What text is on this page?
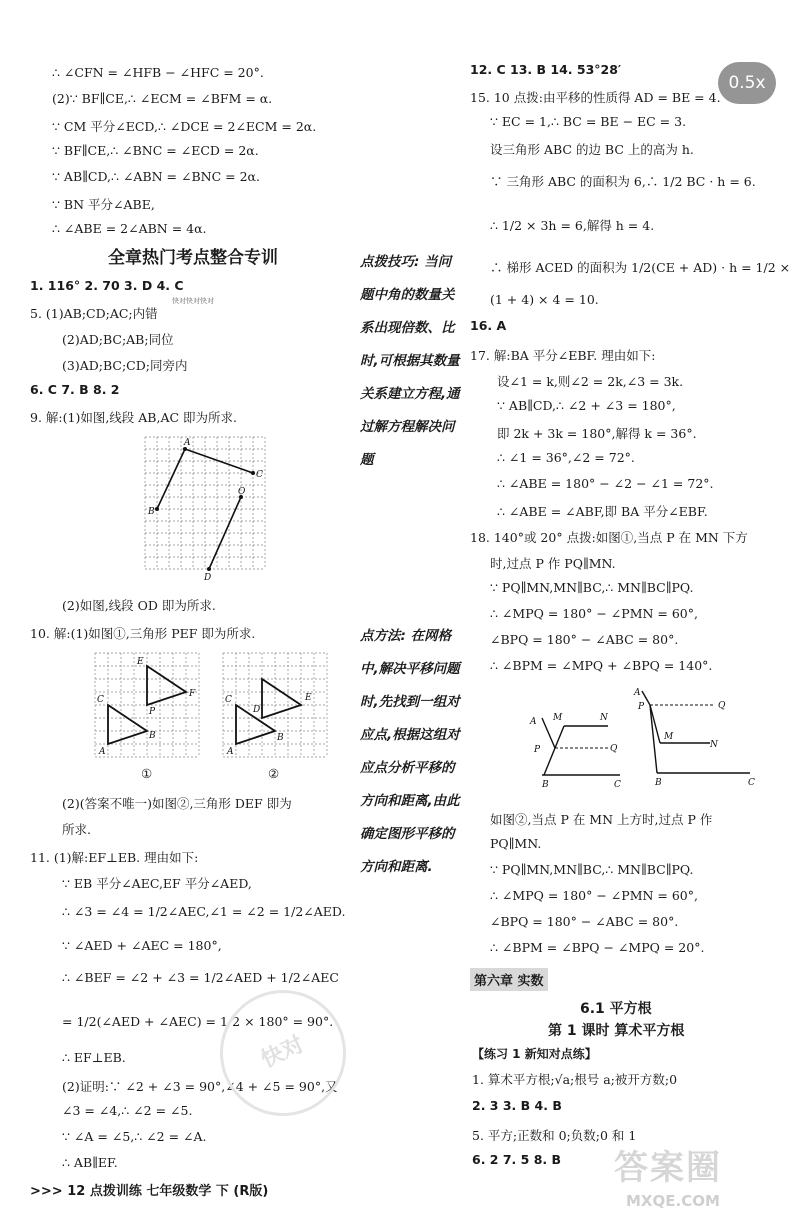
0.5x
∴ ∠CFN = ∠HFB − ∠HFC = 20°.
(2)∵ BF∥CE,∴ ∠ECM = ∠BFM = α.
∵ CM 平分∠ECD,∴ ∠DCE = 2∠ECM = 2α.
∵ BF∥CE,∴ ∠BNC = ∠ECD = 2α.
∵ AB∥CD,∴ ∠ABN = ∠BNC = 2α.
∵ BN 平分∠ABE,
∴ ∠ABE = 2∠ABN = 4α.
全章热门考点整合专训
1. 116° 2. 70 3. D 4. C
快对快对快对
5. (1)AB;CD;AC;内错
(2)AD;BC;AB;同位
(3)AD;BC;CD;同旁内
6. C 7. B 8. 2
9. 解:(1)如图,线段 AB,AC 即为所求.
A
C
O
B
D
(2)如图,线段 OD 即为所求.
10. 解:(1)如图①,三角形 PEF 即为所求.
E
C
F
P
B
A
C	E
D
A
B
①	②
(2)(答案不唯一)如图②,三角形 DEF 即为
所求.
11. (1)解:EF⊥EB. 理由如下:
∵ EB 平分∠AEC,EF 平分∠AED,
∴ ∠3 = ∠4 = 1/2∠AEC,∠1 = ∠2 = 1/2∠AED.
∵ ∠AED + ∠AEC = 180°,
∴ ∠BEF = ∠2 + ∠3 = 1/2∠AED + 1/2∠AEC
= 1/2(∠AED + ∠AEC) = 1/2 × 180° = 90°.
∴ EF⊥EB.
(2)证明:∵ ∠2 + ∠3 = 90°,∠4 + ∠5 = 90°,又
∠3 = ∠4,∴ ∠2 = ∠5.
∵ ∠A = ∠5,∴ ∠2 = ∠A.
∴ AB∥EF.
点拨技巧: 当问题中角的数量关系出现倍数、比时,可根据其数量关系建立方程,通过解方程解决问题
点方法: 在网格中,解决平移问题时,先找到一组对应点,根据这组对应点分析平移的方向和距离,由此确定图形平移的方向和距离.
12. C 13. B 14. 53°28′
15. 10 点拨:由平移的性质得 AD = BE = 4.
∵ EC = 1,∴ BC = BE − EC = 3.
设三角形 ABC 的边 BC 上的高为 h.
∵ 三角形 ABC 的面积为 6,∴ 1/2 BC · h = 6.
∴ 1/2 × 3h = 6,解得 h = 4.
∴ 梯形 ACED 的面积为 1/2(CE + AD) · h = 1/2 ×
(1 + 4) × 4 = 10.
16. A
17. 解:BA 平分∠EBF. 理由如下:
设∠1 = k,则∠2 = 2k,∠3 = 3k.
∵ AB∥CD,∴ ∠2 + ∠3 = 180°,
即 2k + 3k = 180°,解得 k = 36°.
∴ ∠1 = 36°,∠2 = 72°.
∴ ∠ABE = 180° − ∠2 − ∠1 = 72°.
∴ ∠ABE = ∠ABF,即 BA 平分∠EBF.
18. 140°或 20° 点拨:如图①,当点 P 在 MN 下方
时,过点 P 作 PQ∥MN.
∵ PQ∥MN,MN∥BC,∴ MN∥BC∥PQ.
∴ ∠MPQ = 180° − ∠PMN = 60°,
∠BPQ = 180° − ∠ABC = 80°.
∴ ∠BPM = ∠MPQ + ∠BPQ = 140°.
A M	N
P	Q
B	C
A
P	Q
M
N
B	C
如图②,当点 P 在 MN 上方时,过点 P 作
PQ∥MN.
∵ PQ∥MN,MN∥BC,∴ MN∥BC∥PQ.
∴ ∠MPQ = 180° − ∠PMN = 60°,
∠BPQ = 180° − ∠ABC = 80°.
∴ ∠BPM = ∠BPQ − ∠MPQ = 20°.
第六章 实数
6.1 平方根
第 1 课时 算术平方根
【练习 1 新知对点练】
1. 算术平方根;√a;根号 a;被开方数;0
2. 3 3. B 4. B
5. 平方;正数和 0;负数;0 和 1
6. 2 7. 5 8. B
快对
答案圈
MXQE.COM
>>> 12 点拨训练 七年级数学 下 (R版)
